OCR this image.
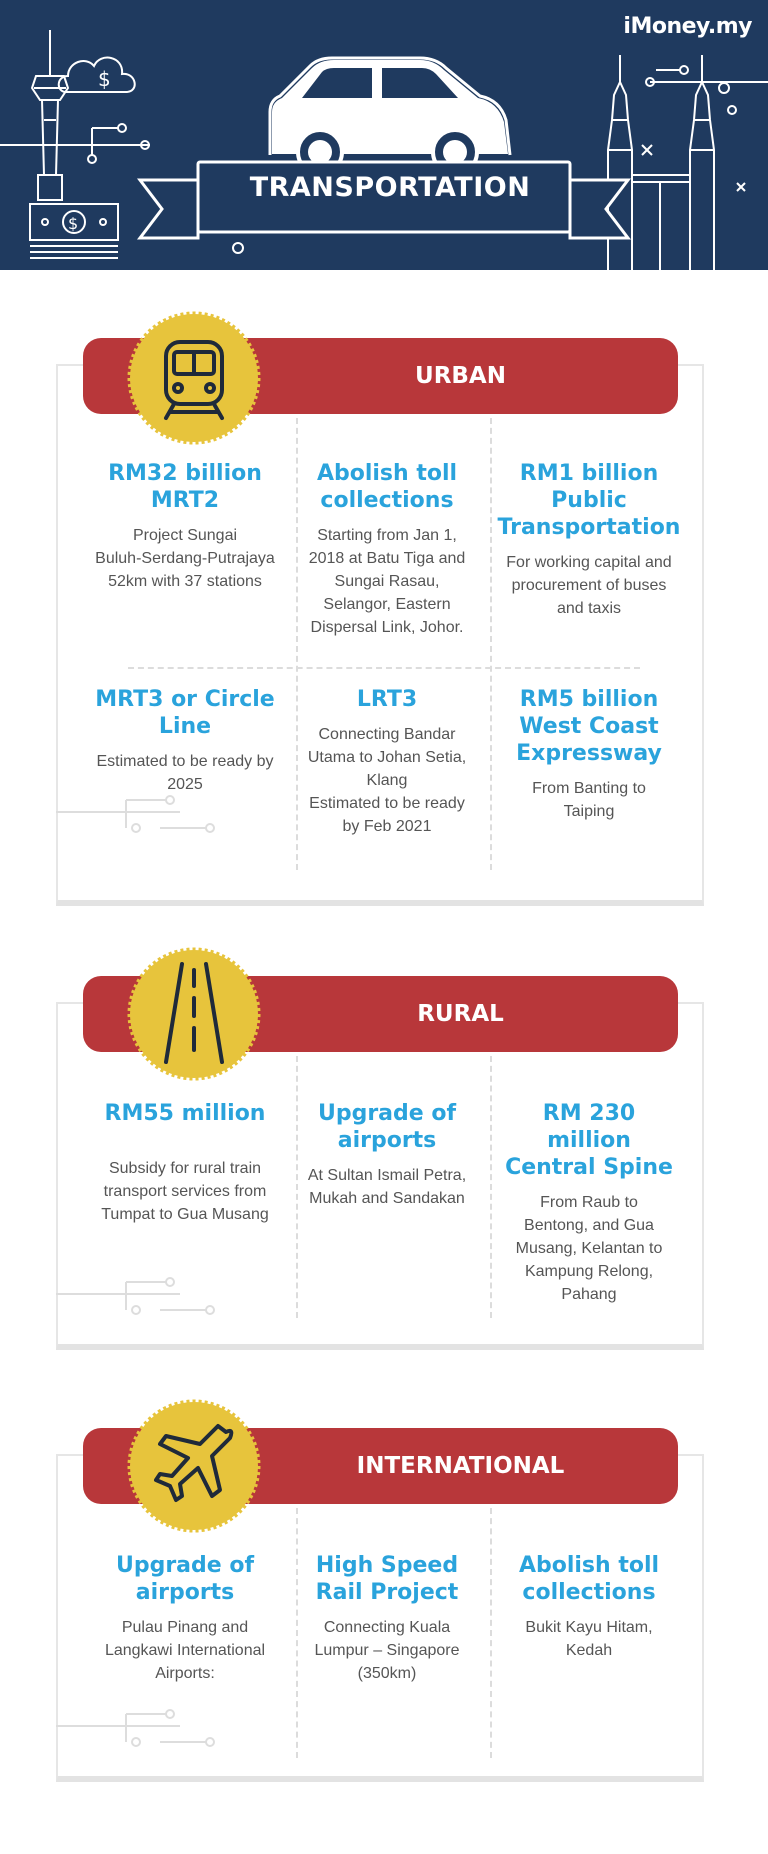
$
$
iMoney.my
TRANSPORTATION
URBAN

RM32 billion
MRT2

Project Sungai
Buluh-Serdang-Putrajaya
52km with 37 stations

Abolish toll
collections

Starting from Jan 1,
2018 at Batu Tiga and
Sungai Rasau,
Selangor, Eastern
Dispersal Link, Johor.

RM1 billion
Public
Transportation

For working capital and
procurement of buses
and taxis

MRT3 or Circle
Line

Estimated to be ready by
2025

LRT3

Connecting Bandar
Utama to Johan Setia,
Klang
Estimated to be ready
by Feb 2021

RM5 billion
West Coast
Expressway

From Banting to
Taiping

RURAL

RM55 million

Subsidy for rural train
transport services from
Tumpat to Gua Musang

Upgrade of
airports

At Sultan Ismail Petra,
Mukah and Sandakan

RM 230
million
Central Spine

From Raub to
Bentong, and Gua
Musang, Kelantan to
Kampung Relong,
Pahang

INTERNATIONAL

Upgrade of
airports

Pulau Pinang and
Langkawi International
Airports:

High Speed
Rail Project

Connecting Kuala
Lumpur – Singapore
(350km)

Abolish toll
collections

Bukit Kayu Hitam,
Kedah
